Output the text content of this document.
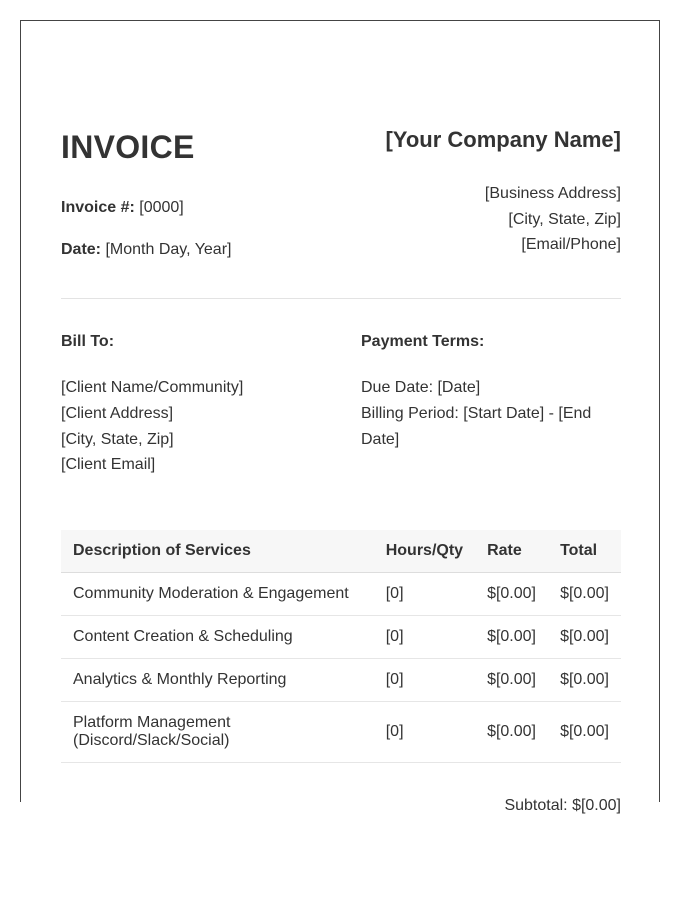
INVOICE	[Your Company Name]
Invoice #: [0000]
Date: [Month Day, Year]
[Business Address]
[City, State, Zip]
[Email/Phone]
Bill To:
[Client Name/Community]
[Client Address]
[City, State, Zip]
[Client Email]
Payment Terms:
Due Date: [Date]
Billing Period: [Start Date] - [End Date]
Description of Services	Hours/Qty	Rate	Total
Community Moderation & Engagement	[0]	$[0.00]	$[0.00]
Content Creation & Scheduling	[0]	$[0.00]	$[0.00]
Analytics & Monthly Reporting	[0]	$[0.00]	$[0.00]
Platform Management (Discord/Slack/Social)	[0]	$[0.00]	$[0.00]
Subtotal: $[0.00]
